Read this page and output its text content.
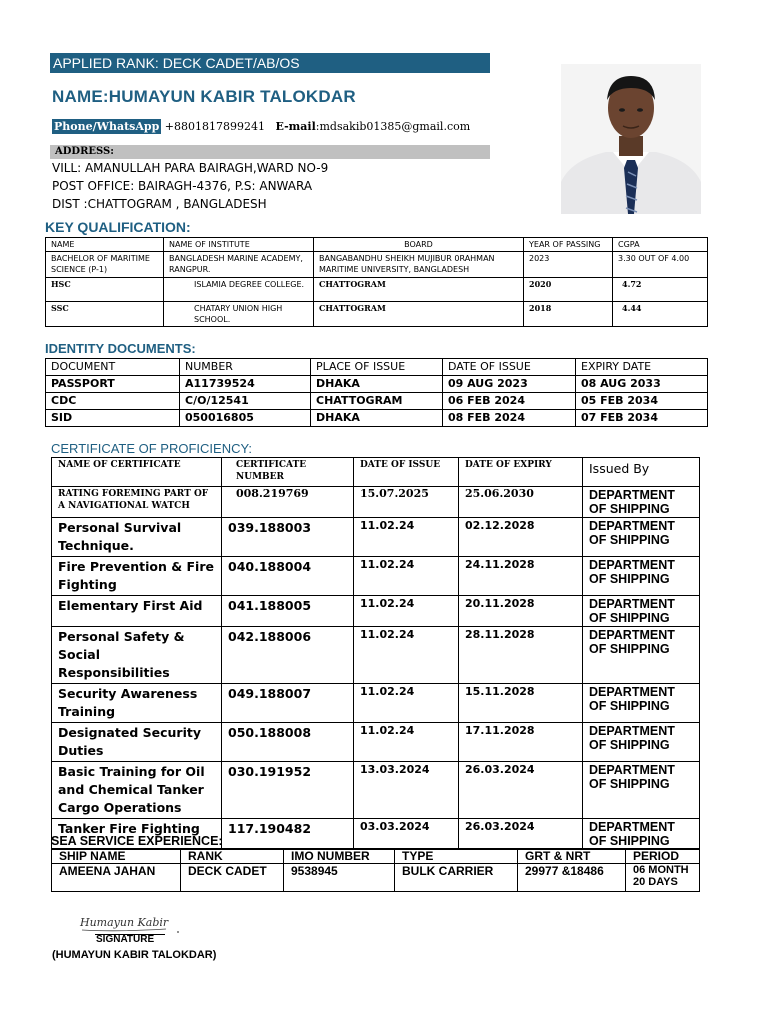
APPLIED RANK: DECK CADET/AB/OS
NAME:HUMAYUN KABIR TALOKDAR
Phone/WhatsApp +8801817899241 E-mail:mdsakib01385@gmail.com
ADDRESS:
VILL: AMANULLAH PARA BAIRAGH,WARD NO-9
POST OFFICE: BAIRAGH-4376, P.S: ANWARA
DIST :CHATTOGRAM , BANGLADESH
KEY QUALIFICATION:
NAME	NAME OF INSTITUTE	BOARD	YEAR OF PASSING	CGPA
BACHELOR OF MARITIME SCIENCE (P-1)	BANGLADESH MARINE ACADEMY, RANGPUR.	BANGABANDHU SHEIKH MUJIBUR 0RAHMAN MARITIME UNIVERSITY, BANGLADESH	2023	3.30 OUT OF 4.00
HSC	ISLAMIA DEGREE COLLEGE.	CHATTOGRAM	2020	4.72
SSC	CHATARY UNION HIGH SCHOOL.	CHATTOGRAM	2018	4.44
IDENTITY DOCUMENTS:
DOCUMENT	NUMBER	PLACE OF ISSUE	DATE OF ISSUE	EXPIRY DATE
PASSPORT	A11739524	DHAKA	09 AUG 2023	08 AUG 2033
CDC	C/O/12541	CHATTOGRAM	06 FEB 2024	05 FEB 2034
SID	050016805	DHAKA	08 FEB 2024	07 FEB 2034
CERTIFICATE OF PROFICIENCY:
NAME OF CERTIFICATE	CERTIFICATE NUMBER	DATE OF ISSUE	DATE OF EXPIRY	Issued By
RATING FOREMING PART OF A NAVIGATIONAL WATCH	008.219769	15.07.2025	25.06.2030	DEPARTMENT OF SHIPPING
Personal Survival Technique.	039.188003	11.02.24	02.12.2028	DEPARTMENT OF SHIPPING
Fire Prevention & Fire Fighting	040.188004	11.02.24	24.11.2028	DEPARTMENT OF SHIPPING
Elementary First Aid	041.188005	11.02.24	20.11.2028	DEPARTMENT OF SHIPPING
Personal Safety & Social Responsibilities	042.188006	11.02.24	28.11.2028	DEPARTMENT OF SHIPPING
Security Awareness Training	049.188007	11.02.24	15.11.2028	DEPARTMENT OF SHIPPING
Designated Security Duties	050.188008	11.02.24	17.11.2028	DEPARTMENT OF SHIPPING
Basic Training for Oil and Chemical Tanker Cargo Operations	030.191952	13.03.2024	26.03.2024	DEPARTMENT OF SHIPPING
Tanker Fire Fighting	117.190482	03.03.2024	26.03.2024	DEPARTMENT OF SHIPPING
SEA SERVICE EXPERIENCE:
SHIP NAME	RANK	IMO NUMBER	TYPE	GRT & NRT	PERIOD
AMEENA JAHAN	DECK CADET	9538945	BULK CARRIER	29977 &18486	06 MONTH 20 DAYS
Humayun Kabir
SIGNATURE
(HUMAYUN KABIR TALOKDAR)
